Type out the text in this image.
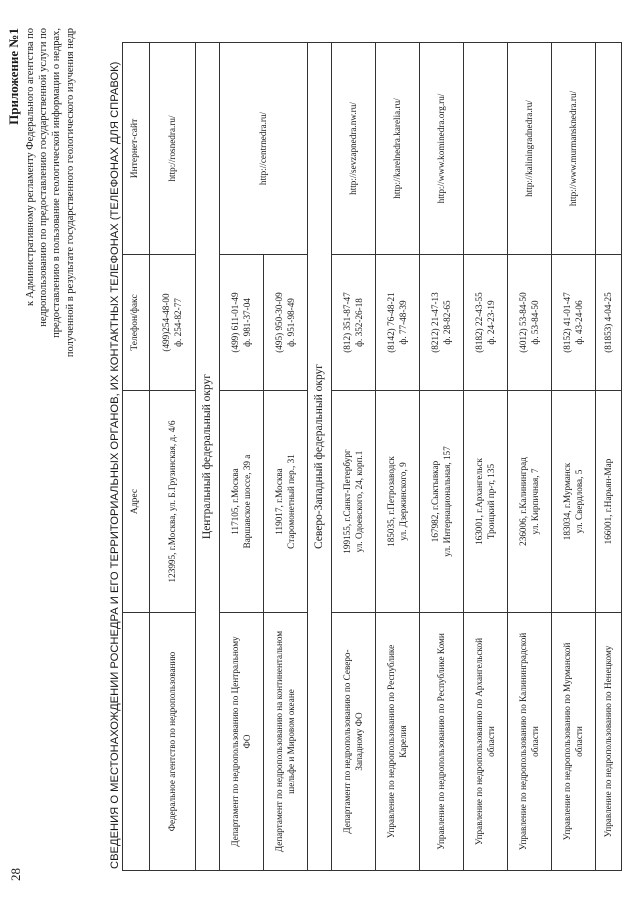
28
Приложение №1 к Административному регламенту Федерального агентства по недропользованию по предоставлению государственной услуги по предоставлению в пользование геологической информации о недрах, полученной в результате государственного геологического изучения недр	СВЕДЕНИЯ О МЕСТОНАХОЖДЕНИИ РОСНЕДРА И ЕГО ТЕРРИТОРИАЛЬНЫХ ОРГАНОВ, ИХ КОНТАКТНЫХ ТЕЛЕФОНАХ (ТЕЛЕФОНАХ ДЛЯ СПРАВОК)
	Адрес	Телефон/факс	Интернет-сайт

Федеральное агентство по недропользованию	123995, г.Москва, ул. Б.Грузинская, д. 4/6	(499)254-48-00 ф. 254-82-77	http://rosnedra.ru/
Центральный федеральный округ			

Департамент по недропользованию по Центральному ФО	117105, г.Москва Варшавское шоссе, 39 а	(499) 611-01-49 ф. 981-37-04	http://centrnedra.ru/

Департамент по недропользованию на континентальном шельфе и Мировом океане	119017, г.Москва Старомонетный пер., 31	(495) 950-30-09 ф. 951-98-49	

Северо-Западный федеральный округ			

Департамент по недропользованию по Северо- Западному ФО	199155, г.Санкт-Петербург ул. Одоевского, 24, корп.1	(812) 351-87-47 ф. 352-26-18	http://sevzapnedra.nw.ru/

Управление по недропользованию по Республике Карелия	185035, г.Петрозаводск ул. Дзержинского, 9	(8142) 76-48-21 ф. 77-48-39	http://karelnedra.karelia.ru/

Управление по недропользованию по Республике Коми	167982, г.Сыктывкар ул. Интернациональная, 157	(8212) 21-47-13 ф. 28-82-65	http://www.kominedra.org.ru/

Управление по недропользованию по Архангельской области	163001, г.Архангельск Троицкий пр-т, 135	(8182) 22-43-55 ф. 24-23-19	

Управление по недропользованию по Калининградской области	236006, г.Калининград ул. Кирпичная, 7	(4012) 53-84-50 ф. 53-84-50	http://kaliningradnedra.ru/

Управление по недропользованию по Мурманской области	183034, г.Мурманск ул. Свердлова, 5	(8152) 41-01-47 ф. 43-24-06	http://www.murmansknedra.ru/

Управление по недропользованию по Ненецкому	166001, г.Нарьян-Мар	(81853) 4-04-25	
